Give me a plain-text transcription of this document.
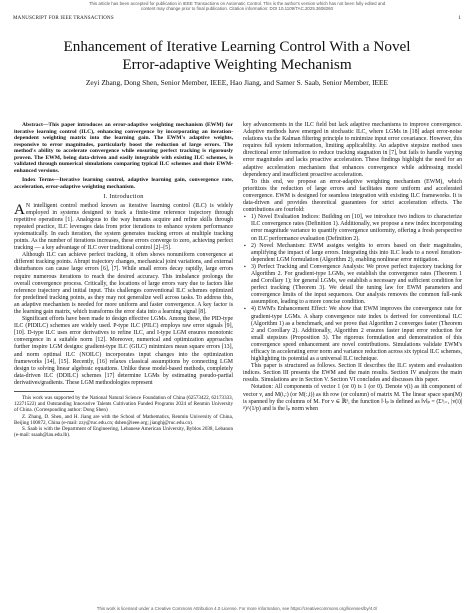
This article has been accepted for publication in IEEE Transactions on Automatic Control. This is the author's version which has not been fully edited and
content may change prior to final publication. Citation information: DOI 10.1109/TAC.2025.3608260
MANUSCRIPT FOR IEEE TRANSACTIONS	1
Enhancement of Iterative Learning Control With a Novel
Error-adaptive Weighting Mechanism
Zeyi Zhang, Dong Shen, Senior Member, IEEE, Hao Jiang, and Samer S. Saab, Senior Member, IEEE

Abstract—This paper introduces an error-adaptive weighting mechanism (EWM) for iterative learning control (ILC), enhancing convergence by incorporating an iteration-dependent weighting matrix into the learning gain. The EWM's adaptive weights, responsive to error magnitudes, particularly boost the reduction of large errors. The method's ability to accelerate convergence while ensuring perfect tracking is rigorously proven. The EWM, being data-driven and easily integrable with existing ILC schemes, is validated through numerical simulations comparing typical ILC schemes and their EWM-enhanced versions.

Index Terms—Iterative learning control, adaptive learning gain, convergence rate, acceleration, error-adaptive weighting mechanism.

I. Introduction

A N intelligent control method known as iterative learning control (ILC) is widely employed in systems designed to track a finite-time reference trajectory through repetitive operations [1]. Analogous to the way humans acquire and refine skills through repeated practice, ILC leverages data from prior iterations to enhance system performance systematically. In each iteration, the system generates tracking errors at multiple tracking points. As the number of iterations increases, these errors converge to zero, achieving perfect tracking — a key advantage of ILC over traditional control [2]–[5].

Although ILC can achieve perfect tracking, it often shows nonuniform convergence at different tracking points. Abrupt trajectory changes, mechanical joint variations, and external disturbances can cause large errors [6], [7]. While small errors decay rapidly, large errors require numerous iterations to reach the desired accuracy. This imbalance prolongs the overall convergence process. Critically, the locations of large errors vary due to factors like reference trajectory and initial input. This challenges conventional ILC schemes optimized for predefined tracking points, as they may not generalize well across tasks. To address this, an adaptive mechanism is needed for more uniform and faster convergence. A key factor is the learning gain matrix, which transforms the error data into a learning signal [8].

Significant efforts have been made to design effective LGMs. Among these, the PID-type ILC (PIDILC) schemes are widely used. P-type ILC (PILC) employs raw error signals [9], [10]. D-type ILC uses error derivatives to refine ILC, and I-type LGM ensures monotonic convergence in a suitable norm [12]. Moreover, numerical and optimization approaches further inspire LGM designs: gradient-type ILC (GILC) minimizes mean square errors [13], and norm optimal ILC (NOILC) incorporates input changes into the optimization frameworks [14], [15]. Recently, [16] relaxes classical assumptions by connecting LGM design to solving linear algebraic equations. Unlike these model-based methods, completely data-driven ILC (DDILC) schemes [17] determine LGMs by estimating pseudo-partial derivatives/gradients. These LGM methodologies represent

This work was supported by the National Natural Science Foundation of China (62573422, 62173333, 12271522) and Outstanding Innovative Talents Cultivation Funded Programs 2024 of Renmin University of China. (Corresponding author: Dong Shen)

Z. Zhang, D. Shen, and H. Jiang are with the School of Mathematics, Renmin University of China, Beijing 100872, China (e-mail: zzy@ruc.edu.cn; dshen@ieee.org; jianghj@ruc.edu.cn).

S. Saab is with the Department of Engineering, Lebanese American University, Byblos 2038, Lebanon (e-mail: ssaab@lau.edu.lb).

key advancements in the ILC field but lack adaptive mechanisms to improve convergence. Adaptive methods have emerged in stochastic ILC, where LGMs in [18] adapt error-noise relations via the Kalman filtering principle to minimize input error covariance. However, this requires full system information, limiting applicability. An adaptive stepsize method uses directional error information to reduce tracking stagnation in [7], but fails to handle varying error magnitudes and lacks proactive acceleration. These findings highlight the need for an adaptive acceleration mechanism that enhances convergence while addressing model dependency and insufficient proactive acceleration.

To this end, we propose an error-adaptive weighting mechanism (EWM), which prioritizes the reduction of large errors and facilitates more uniform and accelerated convergence. EWM is designed for seamless integration with existing ILC frameworks. It is data-driven and provides theoretical guarantees for strict acceleration effects. The contributions are fourfold:

▪ 1) Novel Evaluation Indices: Building on [10], we introduce two indices to characterize ILC convergence rates (Definition 1). Additionally, we propose a new index incorporating error magnitude variance to quantify convergence uniformity, offering a fresh perspective on ILC performance evaluation (Definition 2).
▪ 2) Novel Mechanism: EWM assigns weights to errors based on their magnitudes, amplifying the impact of large errors. Integrating this into ILC leads to a novel iteration-dependent LGM formulation (Algorithm 2), enabling nonlinear error mitigation.
▪ 3) Perfect Tracking and Convergence Analysis: We prove perfect trajectory tracking for Algorithm 2. For gradient-type LGMs, we establish the convergence rates (Theorem 1 and Corollary 1); for general LGMs, we establish a necessary and sufficient condition for perfect tracking (Theorem 3). We detail the tuning law for EWM parameters and convergence limits of the input sequences. Our analysis removes the common full-rank assumption, leading to a more concise condition.
▪ 4) EWM's Enhancement Effect: We show that EWM improves the convergence rate for gradient-type LGMs. A sharp convergence rate index is derived for conventional ILC (Algorithm 1) as a benchmark, and we prove that Algorithm 2 converges faster (Theorem 2 and Corollary 2). Additionally, Algorithm 2 ensures faster input error reduction for small stepsizes (Proposition 3). The rigorous formulation and demonstration of this convergence speed enhancement are novel contributions. Simulations validate EWM's efficacy in accelerating error norm and variance reduction across six typical ILC schemes, highlighting its potential as a universal ILC technique.

This paper is structured as follows. Section II describes the ILC system and evaluation indices. Section III presents the EWM and the main results. Section IV analyzes the main results. Simulations are in Section V. Section VI concludes and discusses this paper.

Notation: All components of vector 1 (or 0) is 1 (or 0). Denote v(i) as ith component of vector v, and M(i,:) (or M(:,i)) as ith row (or column) of matrix M. The linear space span(M) is spanned by the columns of M. For v ∈ ℝⁿ, the function ‖·‖ₚ is defined as ‖v‖ₚ = (Σⁿᵢ₌₁ |v(i)|ᵖ)^(1/p) and is the lₚ norm when

This work is licensed under a Creative Commons Attribution 4.0 License. For more information, see https://creativecommons.org/licenses/by/4.0/
